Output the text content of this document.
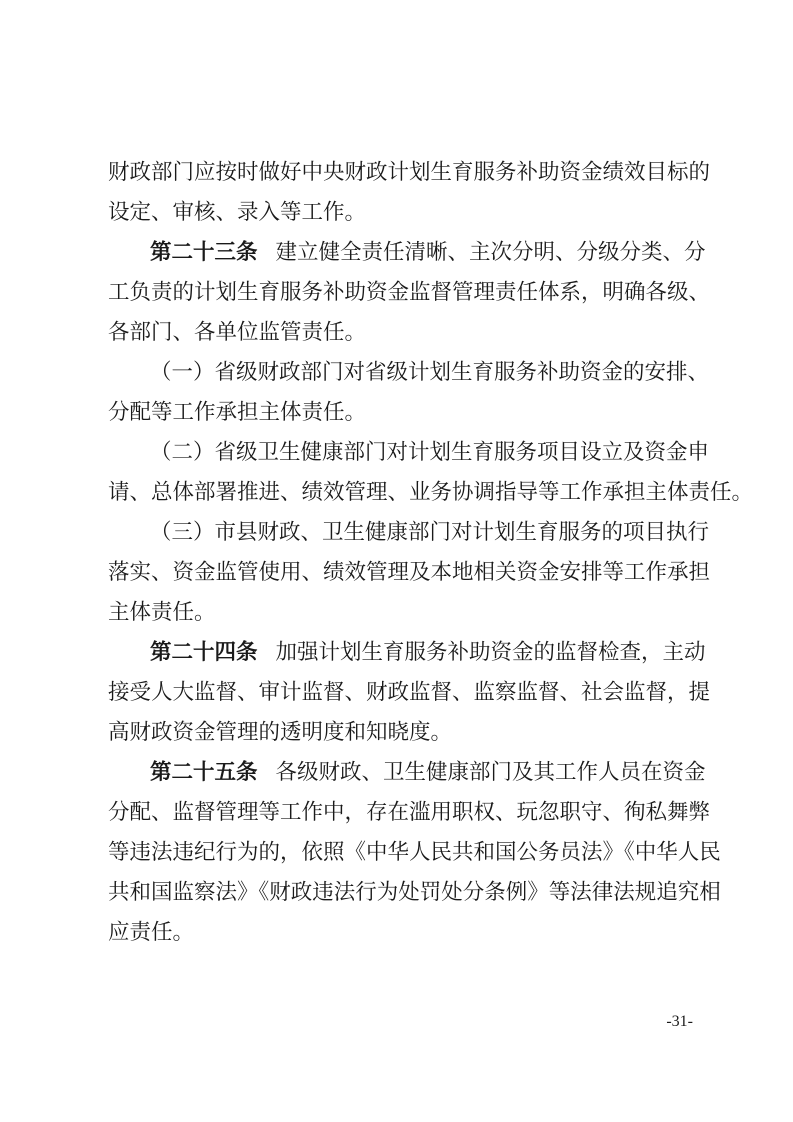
财政部门应按时做好中央财政计划生育服务补助资金绩效目标的
设定、审核、录入等工作。
第二十三条 建立健全责任清晰、主次分明、分级分类、分
工负责的计划生育服务补助资金监督管理责任体系，明确各级、
各部门、各单位监管责任。
（一）省级财政部门对省级计划生育服务补助资金的安排、
分配等工作承担主体责任。
（二）省级卫生健康部门对计划生育服务项目设立及资金申
请、总体部署推进、绩效管理、业务协调指导等工作承担主体责任。
（三）市县财政、卫生健康部门对计划生育服务的项目执行
落实、资金监管使用、绩效管理及本地相关资金安排等工作承担
主体责任。
第二十四条 加强计划生育服务补助资金的监督检查，主动
接受人大监督、审计监督、财政监督、监察监督、社会监督，提
高财政资金管理的透明度和知晓度。
第二十五条 各级财政、卫生健康部门及其工作人员在资金
分配、监督管理等工作中，存在滥用职权、玩忽职守、徇私舞弊
等违法违纪行为的，依照《中华人民共和国公务员法》《中华人民
共和国监察法》《财政违法行为处罚处分条例》等法律法规追究相
应责任。
-31-
